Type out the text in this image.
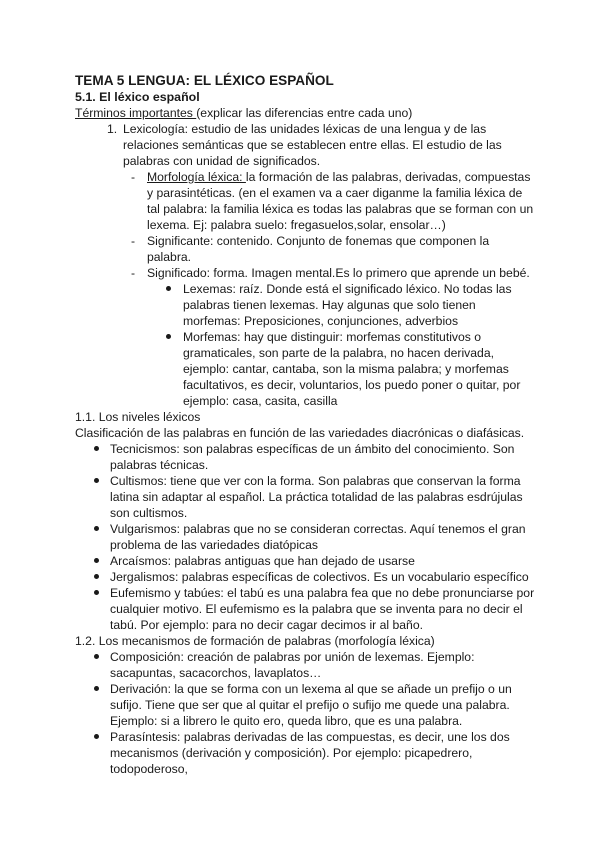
TEMA 5 LENGUA: EL LÉXICO ESPAÑOL

5.1. El léxico español

Términos importantes (explicar las diferencias entre cada uno)

1. Lexicología: estudio de las unidades léxicas de una lengua y de las relaciones semánticas que se establecen entre ellas. El estudio de las palabras con unidad de significados.
- Morfología léxica: la formación de las palabras, derivadas, compuestas y parasintéticas. (en el examen va a caer diganme la familia léxica de tal palabra: la familia léxica es todas las palabras que se forman con un lexema. Ej: palabra suelo: fregasuelos,solar, ensolar…)
- Significante: contenido. Conjunto de fonemas que componen la palabra.
- Significado: forma. Imagen mental.Es lo primero que aprende un bebé.
Lexemas: raíz. Donde está el significado léxico. No todas las palabras tienen lexemas. Hay algunas que solo tienen morfemas: Preposiciones, conjunciones, adverbios
Morfemas: hay que distinguir: morfemas constitutivos o gramaticales, son parte de la palabra, no hacen derivada, ejemplo: cantar, cantaba, son la misma palabra; y morfemas facultativos, es decir, voluntarios, los puedo poner o quitar, por ejemplo: casa, casita, casilla

1.1. Los niveles léxicos

Clasificación de las palabras en función de las variedades diacrónicas o diafásicas.

Tecnicismos: son palabras específicas de un ámbito del conocimiento. Son palabras técnicas.
Cultismos: tiene que ver con la forma. Son palabras que conservan la forma latina sin adaptar al español. La práctica totalidad de las palabras esdrújulas son cultismos.
Vulgarismos: palabras que no se consideran correctas. Aquí tenemos el gran problema de las variedades diatópicas
Arcaísmos: palabras antiguas que han dejado de usarse
Jergalismos: palabras específicas de colectivos. Es un vocabulario específico
Eufemismo y tabúes: el tabú es una palabra fea que no debe pronunciarse por cualquier motivo. El eufemismo es la palabra que se inventa para no decir el tabú. Por ejemplo: para no decir cagar decimos ir al baño.

1.2. Los mecanismos de formación de palabras (morfología léxica)

Composición: creación de palabras por unión de lexemas. Ejemplo: sacapuntas, sacacorchos, lavaplatos…
Derivación: la que se forma con un lexema al que se añade un prefijo o un sufijo. Tiene que ser que al quitar el prefijo o sufijo me quede una palabra. Ejemplo: si a librero le quito ero, queda libro, que es una palabra.
Parasíntesis: palabras derivadas de las compuestas, es decir, une los dos mecanismos (derivación y composición). Por ejemplo: picapedrero, todopoderoso,
